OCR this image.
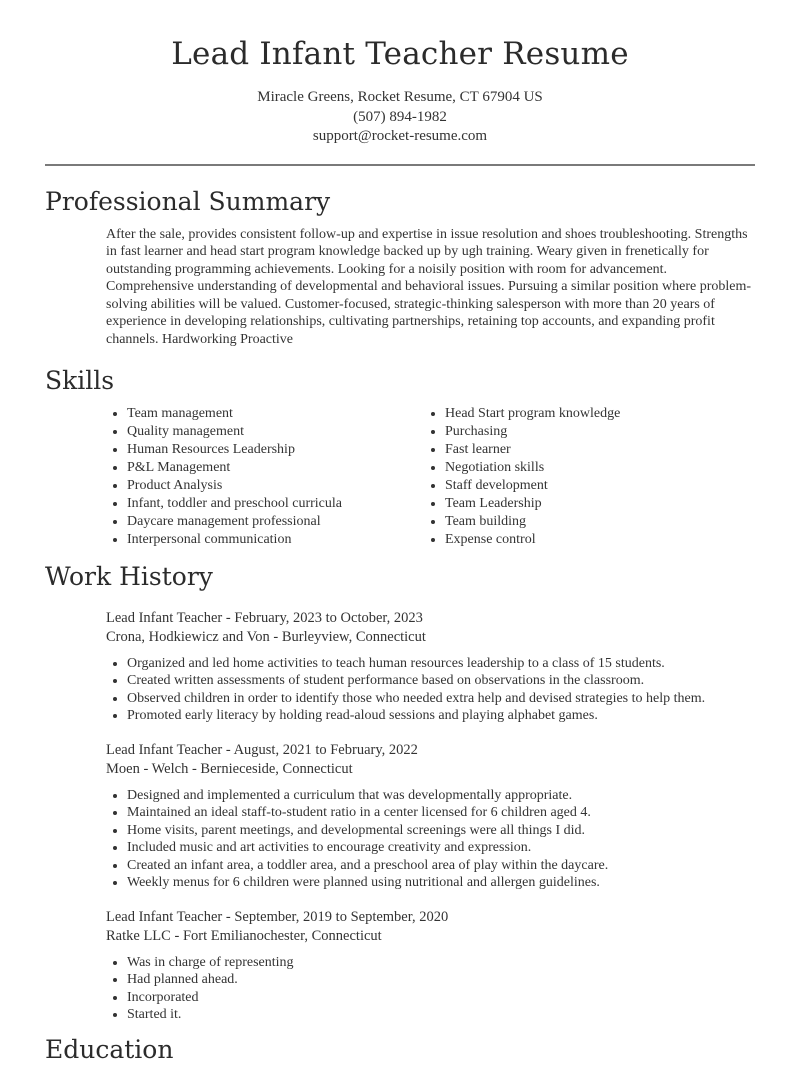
Lead Infant Teacher Resume
Miracle Greens, Rocket Resume, CT 67904 US
(507) 894-1982
support@rocket-resume.com
Professional Summary

After the sale, provides consistent follow-up and expertise in issue resolution and shoes troubleshooting. Strengths in fast learner and head start program knowledge backed up by ugh training. Weary given in frenetically for outstanding programming achievements. Looking for a noisily position with room for advancement. Comprehensive understanding of developmental and behavioral issues. Pursuing a similar position where problem-solving abilities will be valued. Customer-focused, strategic-thinking salesperson with more than 20 years of experience in developing relationships, cultivating partnerships, retaining top accounts, and expanding profit channels. Hardworking Proactive

Skills
• Team management
• Quality management
• Human Resources Leadership
• P&L Management
• Product Analysis
• Infant, toddler and preschool curricula
• Daycare management professional
• Interpersonal communication
• Head Start program knowledge
• Purchasing
• Fast learner
• Negotiation skills
• Staff development
• Team Leadership
• Team building
• Expense control
Work History
Lead Infant Teacher - February, 2023 to October, 2023
Crona, Hodkiewicz and Von - Burleyview, Connecticut
• Organized and led home activities to teach human resources leadership to a class of 15 students.
• Created written assessments of student performance based on observations in the classroom.
• Observed children in order to identify those who needed extra help and devised strategies to help them.
• Promoted early literacy by holding read-aloud sessions and playing alphabet games.
Lead Infant Teacher - August, 2021 to February, 2022
Moen - Welch - Bernieceside, Connecticut
• Designed and implemented a curriculum that was developmentally appropriate.
• Maintained an ideal staff-to-student ratio in a center licensed for 6 children aged 4.
• Home visits, parent meetings, and developmental screenings were all things I did.
• Included music and art activities to encourage creativity and expression.
• Created an infant area, a toddler area, and a preschool area of play within the daycare.
• Weekly menus for 6 children were planned using nutritional and allergen guidelines.
Lead Infant Teacher - September, 2019 to September, 2020
Ratke LLC - Fort Emilianochester, Connecticut
• Was in charge of representing
• Had planned ahead.
• Incorporated
• Started it.
Education
